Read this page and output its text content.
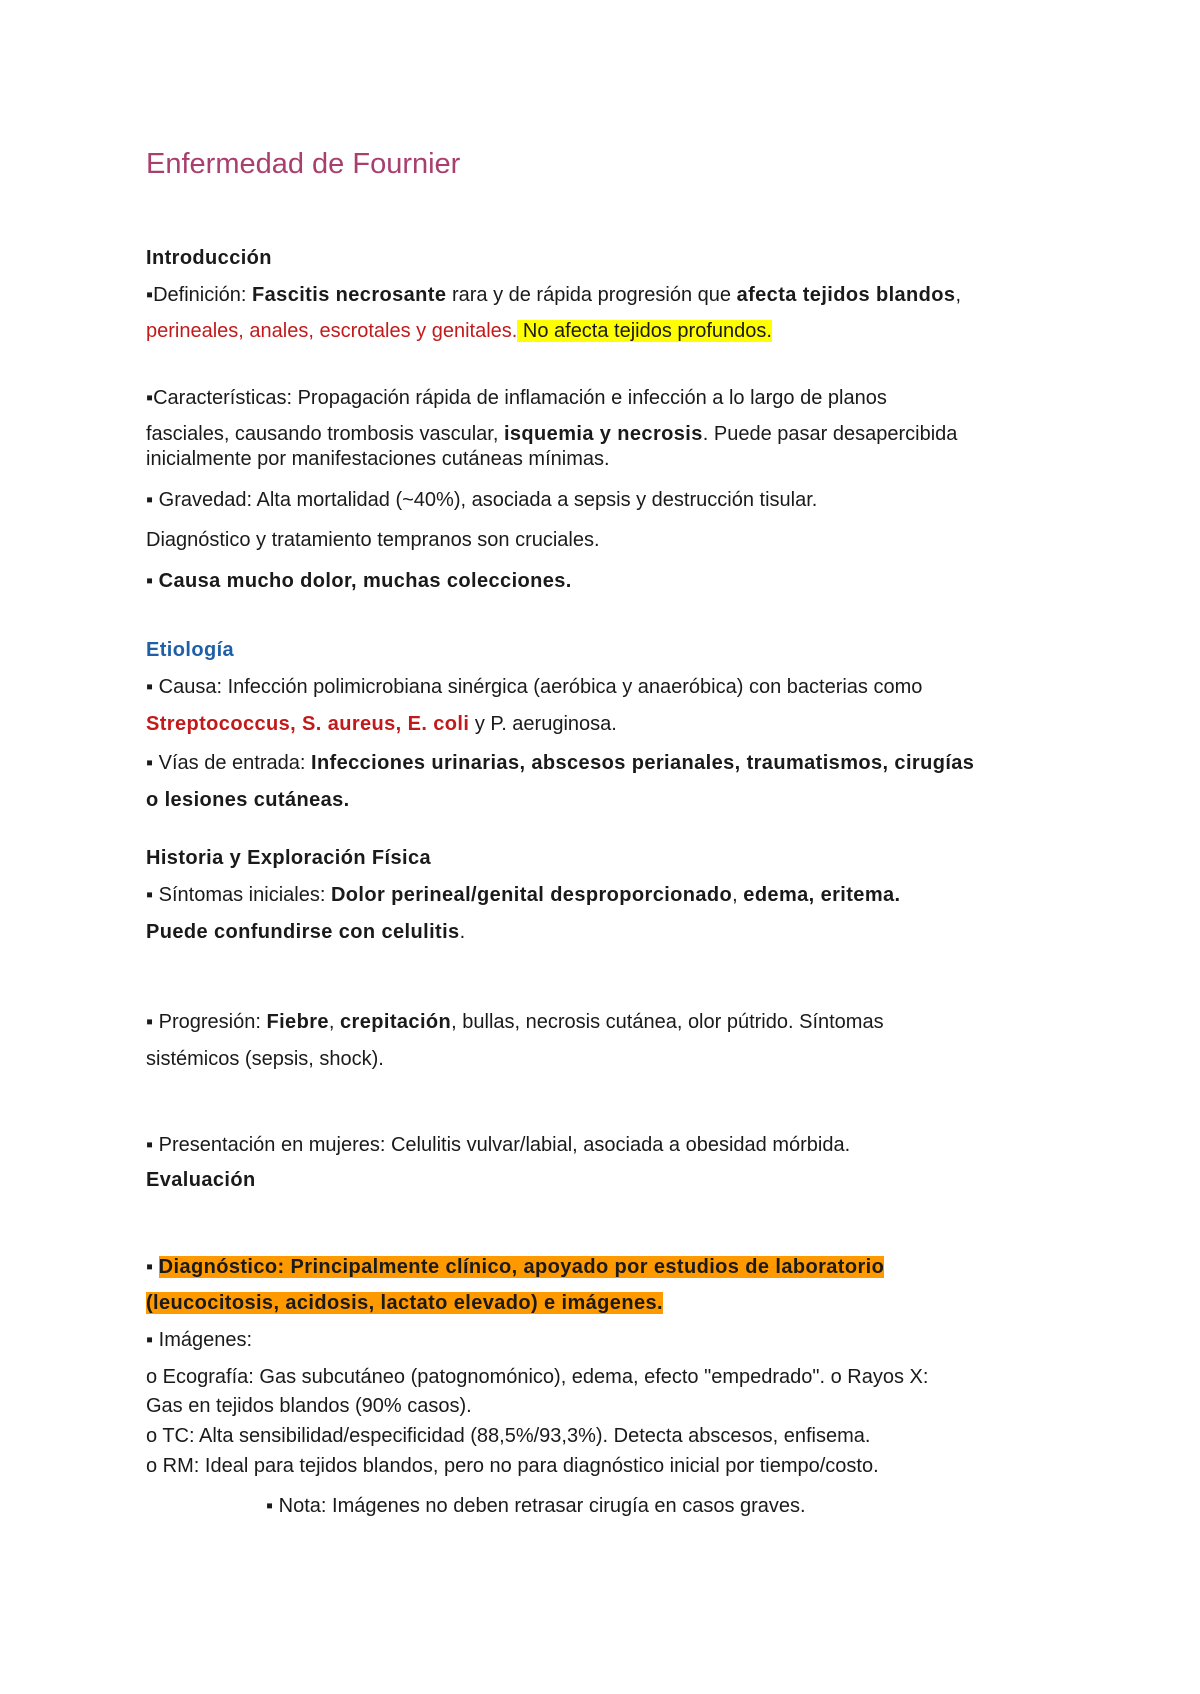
Enfermedad de Fournier
Introducción
▪Definición: Fascitis necrosante rara y de rápida progresión que afecta tejidos blandos,
perineales, anales, escrotales y genitales. No afecta tejidos profundos.
▪Características: Propagación rápida de inflamación e infección a lo largo de planos
fasciales, causando trombosis vascular, isquemia y necrosis. Puede pasar desapercibida
inicialmente por manifestaciones cutáneas mínimas.
▪ Gravedad: Alta mortalidad (~40%), asociada a sepsis y destrucción tisular.
Diagnóstico y tratamiento tempranos son cruciales.
▪ Causa mucho dolor, muchas colecciones.
Etiología
▪ Causa: Infección polimicrobiana sinérgica (aeróbica y anaeróbica) con bacterias como
Streptococcus, S. aureus, E. coli y P. aeruginosa.
▪ Vías de entrada: Infecciones urinarias, abscesos perianales, traumatismos, cirugías
o lesiones cutáneas.
Historia y Exploración Física
▪ Síntomas iniciales: Dolor perineal/genital desproporcionado, edema, eritema.
Puede confundirse con celulitis.
▪ Progresión: Fiebre, crepitación, bullas, necrosis cutánea, olor pútrido. Síntomas
sistémicos (sepsis, shock).
▪ Presentación en mujeres: Celulitis vulvar/labial, asociada a obesidad mórbida.
Evaluación
▪ Diagnóstico: Principalmente clínico, apoyado por estudios de laboratorio
(leucocitosis, acidosis, lactato elevado) e imágenes.
▪ Imágenes:
o Ecografía: Gas subcutáneo (patognomónico), edema, efecto "empedrado". o Rayos X:
Gas en tejidos blandos (90% casos).
o TC: Alta sensibilidad/especificidad (88,5%/93,3%). Detecta abscesos, enfisema.
o RM: Ideal para tejidos blandos, pero no para diagnóstico inicial por tiempo/costo.
▪ Nota: Imágenes no deben retrasar cirugía en casos graves.
